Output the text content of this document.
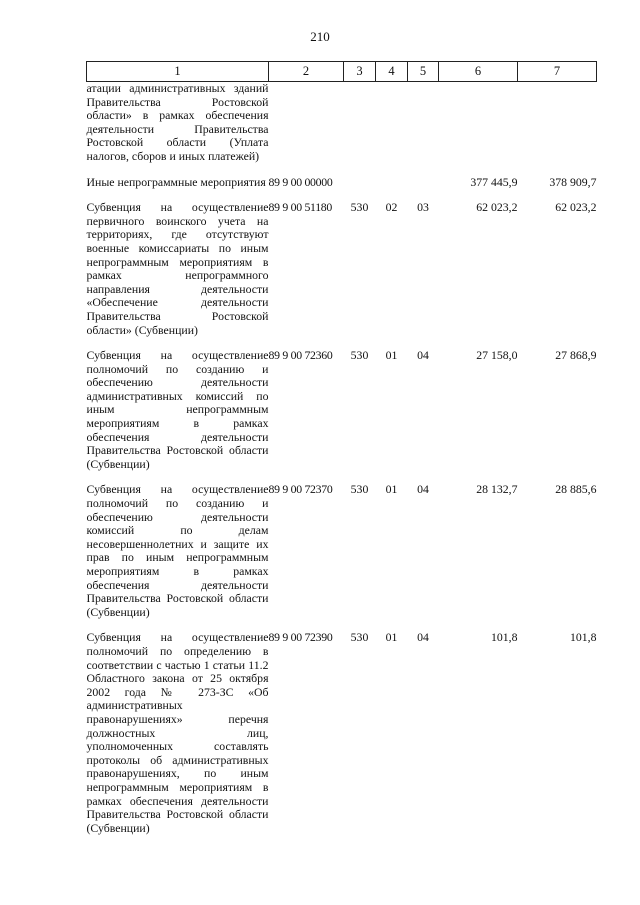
210
1	2	3	4	5	6	7
атации административных зданий Правительства Ростовской области» в рамках обеспечения деятельности Правительства Ростовской области (Уплата налогов, сборов и иных платежей)						

Иные непрограммные мероприятия	89 9 00 00000				377 445,9	378 909,7

Субвенция на осуществление первичного воинского учета на территориях, где отсутствуют военные комиссариаты по иным непрограммным мероприятиям в рамках непрограммного направления деятельности «Обеспечение деятельности Правительства Ростовской области» (Субвенции)	89 9 00 51180	530	02	03	62 023,2	62 023,2

Субвенция на осуществление полномочий по созданию и обеспечению деятельности административных комиссий по иным непрограммным мероприятиям в рамках обеспечения деятельности Правительства Ростовской области (Субвенции)	89 9 00 72360	530	01	04	27 158,0	27 868,9

Субвенция на осуществление полномочий по созданию и обеспечению деятельности комиссий по делам несовершеннолетних и защите их прав по иным непрограммным мероприятиям в рамках обеспечения деятельности Правительства Ростовской области (Субвенции)	89 9 00 72370	530	01	04	28 132,7	28 885,6

Субвенция на осуществление полномочий по определению в соответствии с частью 1 статьи 11.2 Областного закона от 25 октября 2002 года № 273-ЗС «Об административных правонарушениях» перечня должностных лиц, уполномоченных составлять протоколы об административных правонарушениях, по иным непрограммным мероприятиям в рамках обеспечения деятельности Правительства Ростовской области (Субвенции)	89 9 00 72390	530	01	04	101,8	101,8
